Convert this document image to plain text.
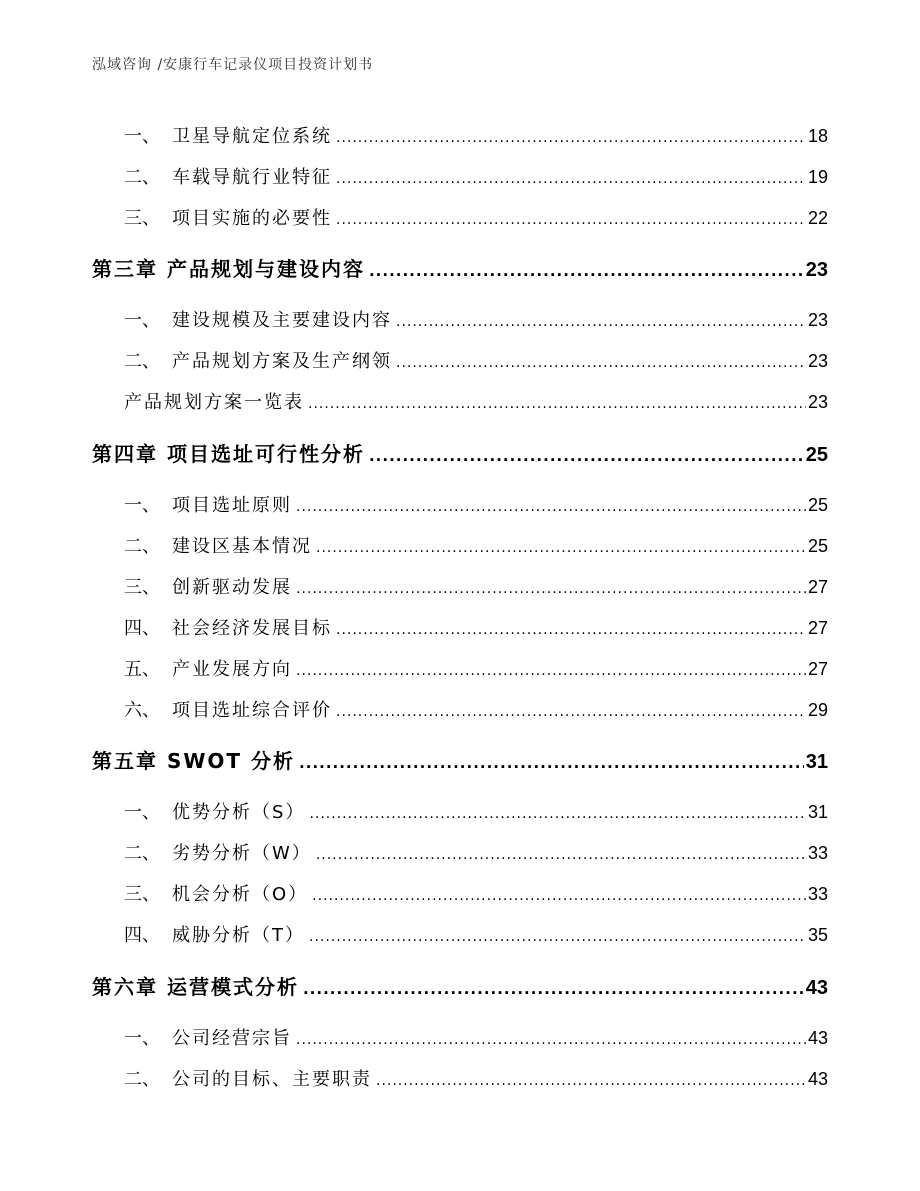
泓域咨询 /安康行车记录仪项目投资计划书
一、 卫星导航定位系统 .....	18
二、 车载导航行业特征 .....	19
三、 项目实施的必要性 .....	22
第三章 产品规划与建设内容 .....	23
一、 建设规模及主要建设内容 .....	23
二、 产品规划方案及生产纲领 .....	23
产品规划方案一览表 .....	23
第四章 项目选址可行性分析 .....	25
一、 项目选址原则 .....	25
二、 建设区基本情况 .....	25
三、 创新驱动发展 .....	27
四、 社会经济发展目标 .....	27
五、 产业发展方向 .....	27
六、 项目选址综合评价 .....	29
第五章 SWOT 分析 .....	31
一、 优势分析（S） .....	31
二、 劣势分析（W） .....	33
三、 机会分析（O） .....	33
四、 威胁分析（T） .....	35
第六章 运营模式分析 .....	43
一、 公司经营宗旨 .....	43
二、 公司的目标、主要职责 .....	43
